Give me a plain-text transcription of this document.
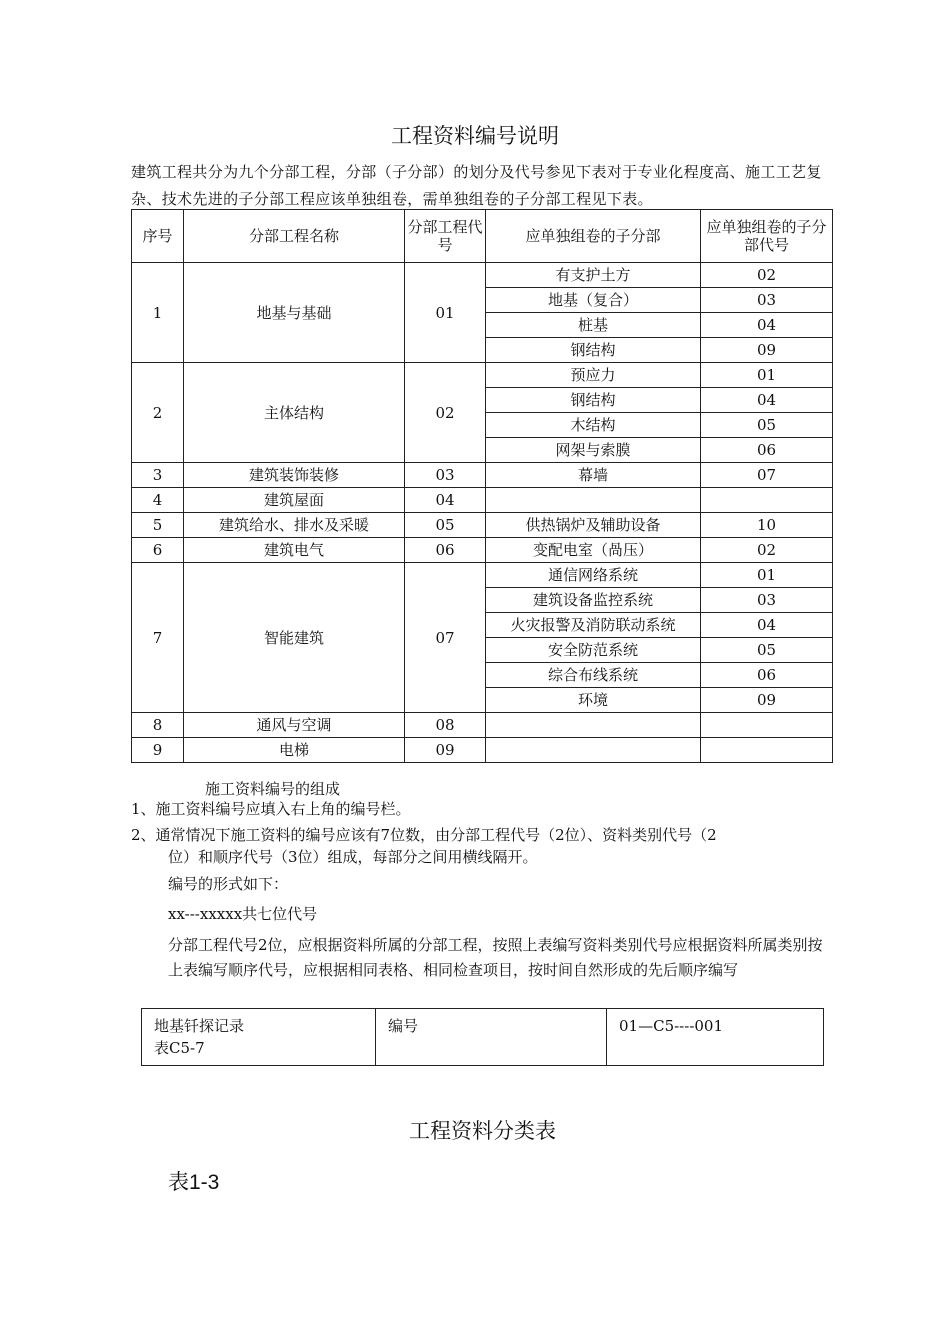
工程资料编号说明
建筑工程共分为九个分部工程，分部（子分部）的划分及代号参见下表对于专业化程度高、施工工艺复杂、技术先进的子分部工程应该单独组卷，需单独组卷的子分部工程见下表。
序号	分部工程名称	分部工程代号	应单独组卷的子分部	应单独组卷的子分部代号
1	地基与基础	01	有支护土方	02
			地基（复合）	03
			桩基	04
			钢结构	09
2	主体结构	02	预应力	01
			钢结构	04
			木结构	05
			网架与索膜	06
3	建筑装饰装修	03	幕墙	07
4	建筑屋面	04		
5	建筑给水、排水及采暖	05	供热锅炉及辅助设备	10
6	建筑电气	06	变配电室（咼压）	02
7	智能建筑	07	通信网络系统	01
			建筑设备监控系统	03
			火灾报警及消防联动系统	04
			安全防范系统	05
			综合布线系统	06
			环境	09
8	通风与空调	08		
9	电梯	09		
施工资料编号的组成
1、施工资料编号应填入右上角的编号栏。
2、通常情况下施工资料的编号应该有7位数，由分部工程代号（2位）、资料类别代号（2
位）和顺序代号（3位）组成，每部分之间用横线隔开。
编号的形式如下：
xx---xxxxx共七位代号
分部工程代号2位，应根据资料所属的分部工程，按照上表编写资料类别代号应根据资料所属类别按上表编写顺序代号，应根据相同表格、相同检查项目，按时间自然形成的先后顺序编写
地基钎探记录
表C5-7
	编号	01—C5----001
工程资料分类表
表1-3
